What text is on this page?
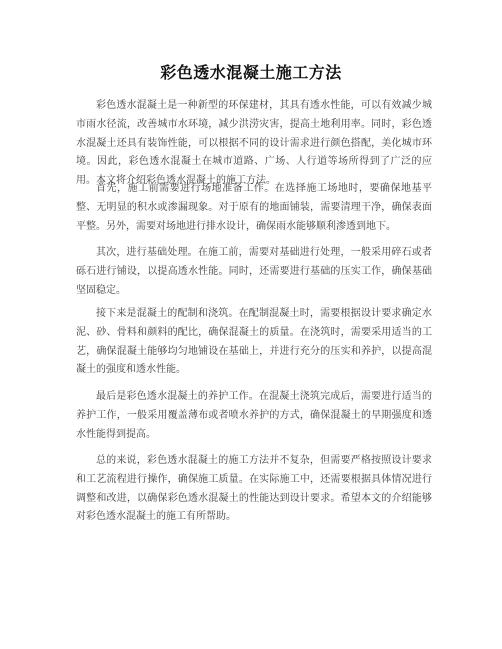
彩色透水混凝土施工方法

彩色透水混凝土是一种新型的环保建材，其具有透水性能，可以有效减少城市雨水径流，改善城市水环境，减少洪涝灾害，提高土地利用率。同时，彩色透水混凝土还具有装饰性能，可以根据不同的设计需求进行颜色搭配，美化城市环境。因此，彩色透水混凝土在城市道路、广场、人行道等场所得到了广泛的应用。本文将介绍彩色透水混凝土的施工方法。

首先，施工前需要进行场地准备工作。在选择施工场地时，要确保地基平整、无明显的积水或渗漏现象。对于原有的地面铺装，需要清理干净，确保表面平整。另外，需要对场地进行排水设计，确保雨水能够顺利渗透到地下。

其次，进行基础处理。在施工前，需要对基础进行处理，一般采用碎石或者砾石进行铺设，以提高透水性能。同时，还需要进行基础的压实工作，确保基础坚固稳定。

接下来是混凝土的配制和浇筑。在配制混凝土时，需要根据设计要求确定水泥、砂、骨料和颜料的配比，确保混凝土的质量。在浇筑时，需要采用适当的工艺，确保混凝土能够均匀地铺设在基础上，并进行充分的压实和养护，以提高混凝土的强度和透水性能。

最后是彩色透水混凝土的养护工作。在混凝土浇筑完成后，需要进行适当的养护工作，一般采用覆盖薄布或者喷水养护的方式，确保混凝土的早期强度和透水性能得到提高。

总的来说，彩色透水混凝土的施工方法并不复杂，但需要严格按照设计要求和工艺流程进行操作，确保施工质量。在实际施工中，还需要根据具体情况进行调整和改进，以确保彩色透水混凝土的性能达到设计要求。希望本文的介绍能够对彩色透水混凝土的施工有所帮助。
